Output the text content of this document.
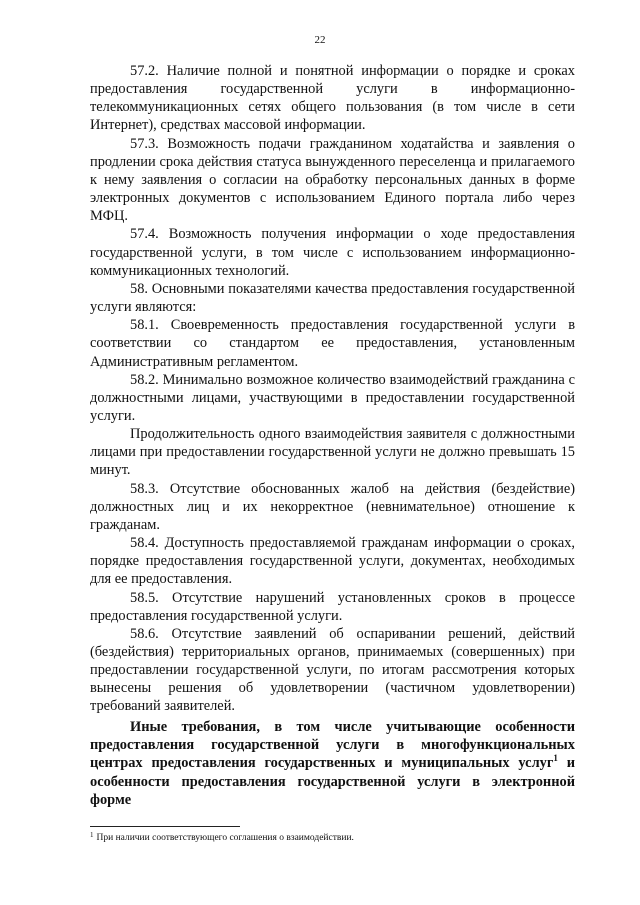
22

57.2. Наличие полной и понятной информации о порядке и сроках предоставления государственной услуги в информационно-телекоммуникационных сетях общего пользования (в том числе в сети Интернет), средствах массовой информации.

57.3. Возможность подачи гражданином ходатайства и заявления о продлении срока действия статуса вынужденного переселенца и прилагаемого к нему заявления о согласии на обработку персональных данных в форме электронных документов с использованием Единого портала либо через МФЦ.

57.4. Возможность получения информации о ходе предоставления государственной услуги, в том числе с использованием информационно-коммуникационных технологий.

58. Основными показателями качества предоставления государственной услуги являются:

58.1. Своевременность предоставления государственной услуги в соответствии со стандартом ее предоставления, установленным Административным регламентом.

58.2. Минимально возможное количество взаимодействий гражданина с должностными лицами, участвующими в предоставлении государственной услуги.

Продолжительность одного взаимодействия заявителя с должностными лицами при предоставлении государственной услуги не должно превышать 15 минут.

58.3. Отсутствие обоснованных жалоб на действия (бездействие) должностных лиц и их некорректное (невнимательное) отношение к гражданам.

58.4. Доступность предоставляемой гражданам информации о сроках, порядке предоставления государственной услуги, документах, необходимых для ее предоставления.

58.5. Отсутствие нарушений установленных сроков в процессе предоставления государственной услуги.

58.6. Отсутствие заявлений об оспаривании решений, действий (бездействия) территориальных органов, принимаемых (совершенных) при предоставлении государственной услуги, по итогам рассмотрения которых вынесены решения об удовлетворении (частичном удовлетворении) требований заявителей.

Иные требования, в том числе учитывающие особенности предоставления государственной услуги в многофункциональных центрах предоставления государственных и муниципальных услуг$^1$ и особенности предоставления государственной услуги в электронной форме

$^1$ При наличии соответствующего соглашения о взаимодействии.
